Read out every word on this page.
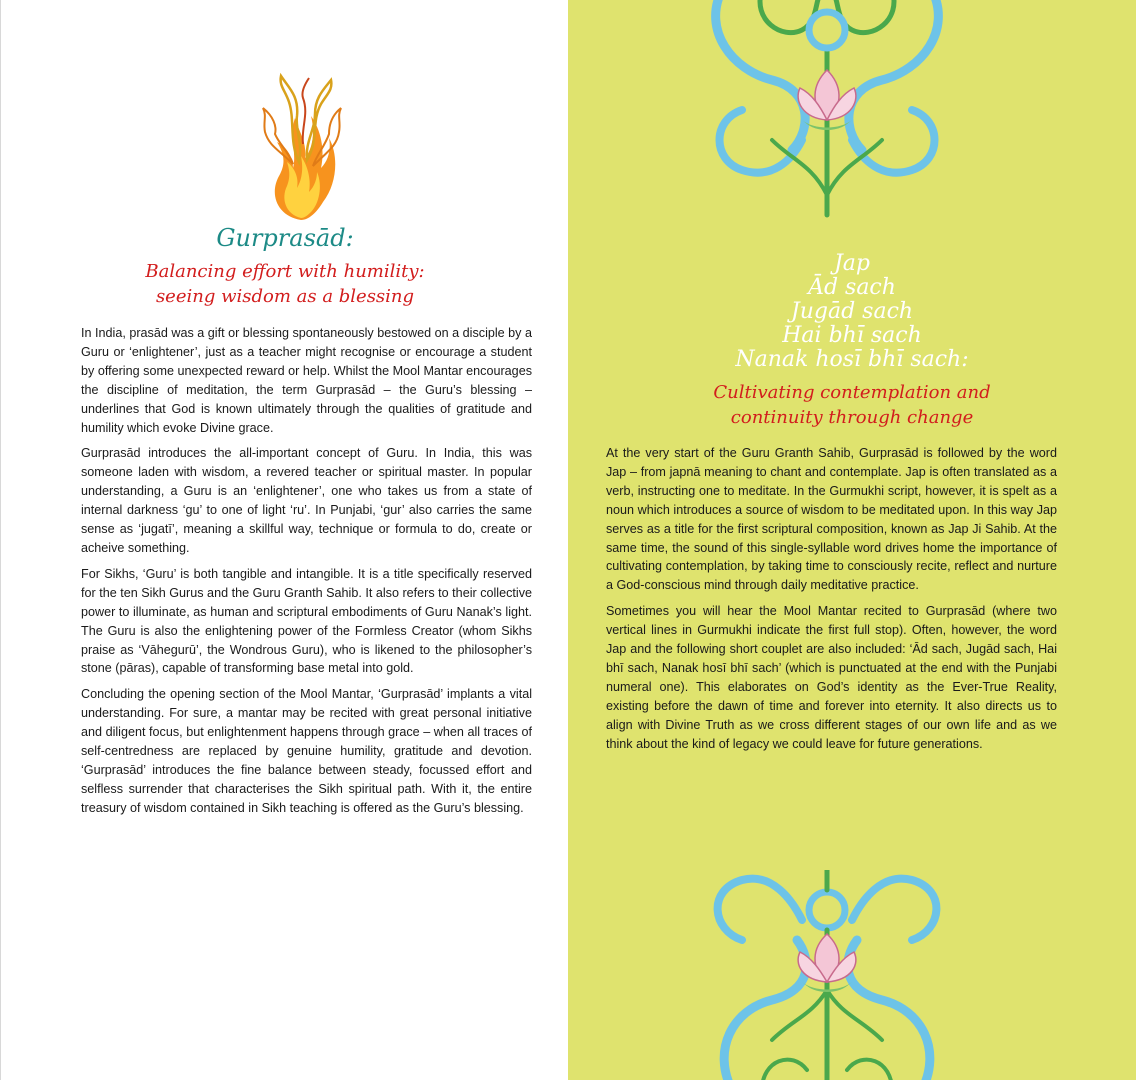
Gurprasād:
Balancing effort with humility:
seeing wisdom as a blessing

In India, prasād was a gift or blessing spontaneously bestowed on a disciple by a Guru or ‘enlightener’, just as a teacher might recognise or encourage a student by offering some unexpected reward or help. Whilst the Mool Mantar encourages the discipline of meditation, the term Gurprasād – the Guru’s blessing – underlines that God is known ultimately through the qualities of gratitude and humility which evoke Divine grace.

Gurprasād introduces the all-important concept of Guru. In India, this was someone laden with wisdom, a revered teacher or spiritual master. In popular understanding, a Guru is an ‘enlightener’, one who takes us from a state of internal darkness ‘gu’ to one of light ‘ru’. In Punjabi, ‘gur’ also carries the same sense as ‘jugatī’, meaning a skillful way, technique or formula to do, create or acheive something.

For Sikhs, ‘Guru’ is both tangible and intangible. It is a title specifically reserved for the ten Sikh Gurus and the Guru Granth Sahib. It also refers to their collective power to illuminate, as human and scriptural embodiments of Guru Nanak’s light. The Guru is also the enlightening power of the Formless Creator (whom Sikhs praise as ‘Vāhegurū’, the Wondrous Guru), who is likened to the philosopher’s stone (pāras), capable of transforming base metal into gold.

Concluding the opening section of the Mool Mantar, ‘Gurprasād’ implants a vital understanding. For sure, a mantar may be recited with great personal initiative and diligent focus, but enlightenment happens through grace – when all traces of self-centredness are replaced by genuine humility, gratitude and devotion. ‘Gurprasād’ introduces the fine balance between steady, focussed effort and selfless surrender that characterises the Sikh spiritual path. With it, the entire treasury of wisdom contained in Sikh teaching is offered as the Guru’s blessing.

Jap
Ād sach
Jugād sach
Hai bhī sach
Nanak hosī bhī sach:
Cultivating contemplation and
continuity through change

At the very start of the Guru Granth Sahib, Gurprasād is followed by the word Jap – from japnā meaning to chant and contemplate. Jap is often translated as a verb, instructing one to meditate. In the Gurmukhi script, however, it is spelt as a noun which introduces a source of wisdom to be meditated upon. In this way Jap serves as a title for the first scriptural composition, known as Jap Ji Sahib. At the same time, the sound of this single-syllable word drives home the importance of cultivating contemplation, by taking time to consciously recite, reflect and nurture a God-conscious mind through daily meditative practice.

Sometimes you will hear the Mool Mantar recited to Gurprasād (where two vertical lines in Gurmukhi indicate the first full stop). Often, however, the word Jap and the following short couplet are also included: ‘Ād sach, Jugād sach, Hai bhī sach, Nanak hosī bhī sach’ (which is punctuated at the end with the Punjabi numeral one). This elaborates on God’s identity as the Ever-True Reality, existing before the dawn of time and forever into eternity. It also directs us to align with Divine Truth as we cross different stages of our own life and as we think about the kind of legacy we could leave for future generations.
